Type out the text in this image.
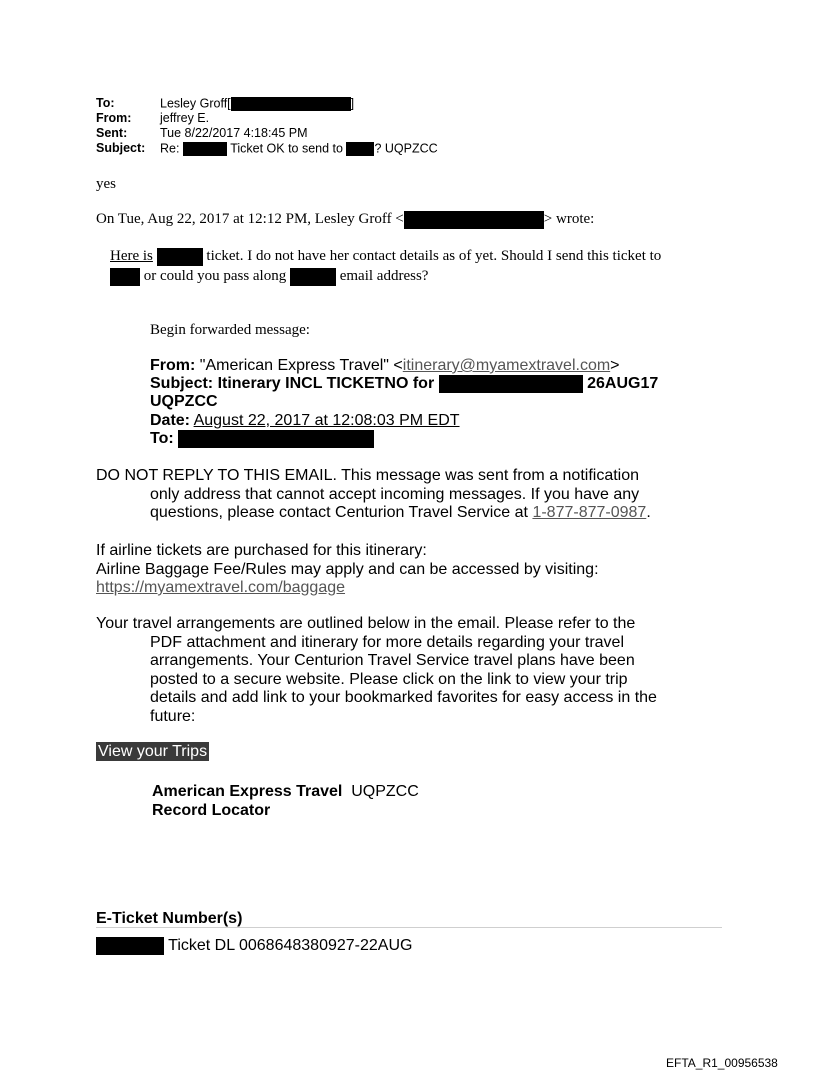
To:	Lesley Groff[	]
From: jeffrey E.
Sent:	Tue 8/22/2017 4:18:45 PM
Subject: Re:	Ticket OK to send to	? UQPZCC
yes
On Tue, Aug 22, 2017 at 12:12 PM, Lesley Groff <	> wrote:
Here is	ticket. I do not have her contact details as of yet. Should I send this ticket to
or could you pass along	email address?
Begin forwarded message:
From: "American Express Travel" <itinerary@myamextravel.com>
Subject: Itinerary INCL TICKETNO for	26AUG17
UQPZCC
Date: August 22, 2017 at 12:08:03 PM EDT
To:
DO NOT REPLY TO THIS EMAIL. This message was sent from a notification
only address that cannot accept incoming messages. If you have any
questions, please contact Centurion Travel Service at 1-877-877-0987.
If airline tickets are purchased for this itinerary:
Airline Baggage Fee/Rules may apply and can be accessed by visiting:
https://myamextravel.com/baggage
Your travel arrangements are outlined below in the email. Please refer to the
PDF attachment and itinerary for more details regarding your travel
arrangements. Your Centurion Travel Service travel plans have been
posted to a secure website. Please click on the link to view your trip
details and add link to your bookmarked favorites for easy access in the
future:
View your Trips
American Express Travel UQPZCC
Record Locator
E-Ticket Number(s)
Ticket DL 0068648380927-22AUG
EFTA_R1_00956538
